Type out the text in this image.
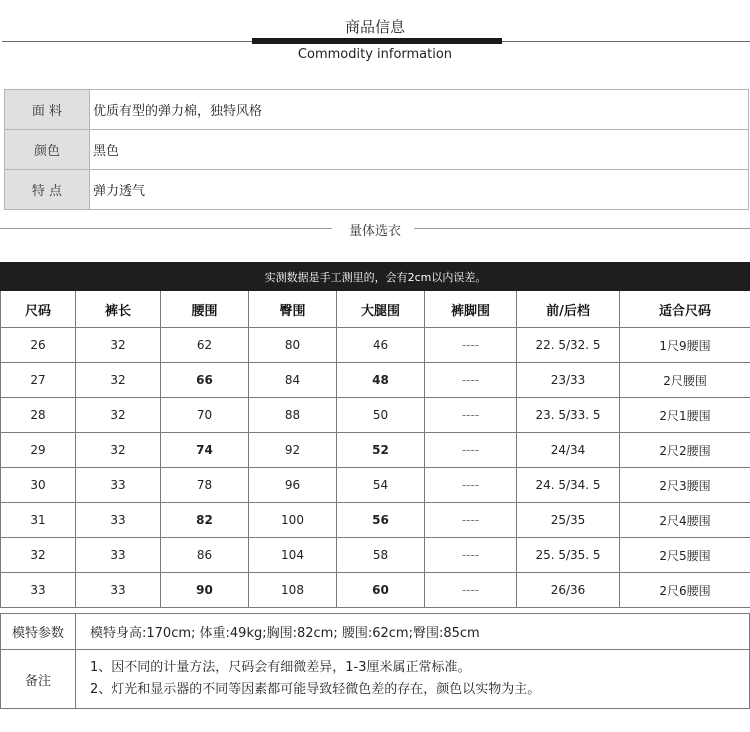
商品信息
Commodity information
面 料	优质有型的弹力棉，独特风格
颜色	黑色
特 点	弹力透气
量体选衣
实测数据是手工测里的，会有2cm以内误差。							
尺码	裤长	腰围	臀围	大腿围	裤脚围	前/后档	适合尺码
26	32	62	80	46	----	22. 5/32. 5	1尺9腰围
27	32	66	84	48	----	23/33	2尺腰围
28	32	70	88	50	----	23. 5/33. 5	2尺1腰围
29	32	74	92	52	----	24/34	2尺2腰围
30	33	78	96	54	----	24. 5/34. 5	2尺3腰围
31	33	82	100	56	----	25/35	2尺4腰围
32	33	86	104	58	----	25. 5/35. 5	2尺5腰围
33	33	90	108	60	----	26/36	2尺6腰围
模特参数	模特身高:170cm; 体重:49kg;胸围:82cm; 腰围:62cm;臀围:85cm
备注	1、因不同的计量方法，尺码会有细微差异，1-3厘米属正常标准。
2、灯光和显示器的不同等因素都可能导致轻微色差的存在，颜色以实物为主。
